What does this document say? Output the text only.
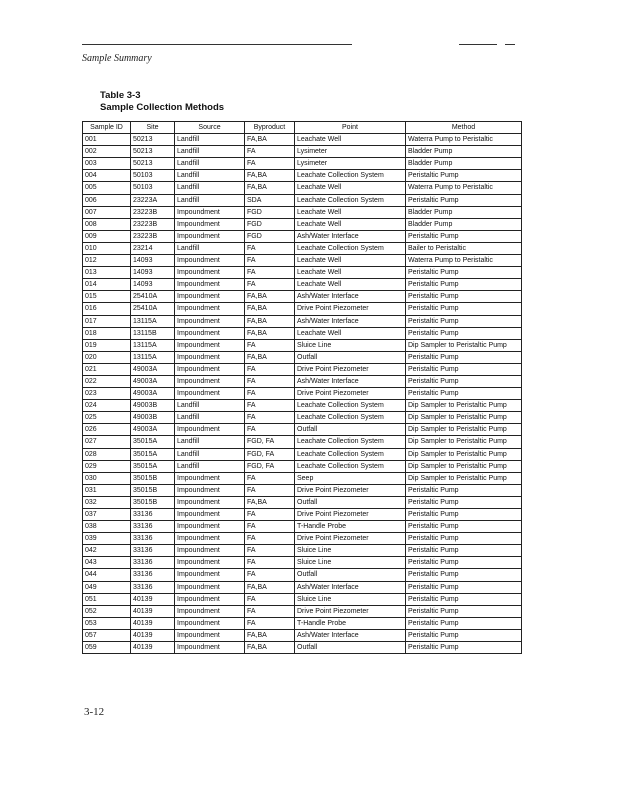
Sample Summary
Table 3-3
Sample Collection Methods
Sample ID	Site	Source	Byproduct	Point	Method
001	50213	Landfill	FA,BA	Leachate Well	Waterra Pump to Peristaltic
002	50213	Landfill	FA	Lysimeter	Bladder Pump
003	50213	Landfill	FA	Lysimeter	Bladder Pump
004	50103	Landfill	FA,BA	Leachate Collection System	Peristaltic Pump
005	50103	Landfill	FA,BA	Leachate Well	Waterra Pump to Peristaltic
006	23223A	Landfill	SDA	Leachate Collection System	Peristaltic Pump
007	23223B	Impoundment	FGD	Leachate Well	Bladder Pump
008	23223B	Impoundment	FGD	Leachate Well	Bladder Pump
009	23223B	Impoundment	FGD	Ash/Water Interface	Peristaltic Pump
010	23214	Landfill	FA	Leachate Collection System	Bailer to Peristaltic
012	14093	Impoundment	FA	Leachate Well	Waterra Pump to Peristaltic
013	14093	Impoundment	FA	Leachate Well	Peristaltic Pump
014	14093	Impoundment	FA	Leachate Well	Peristaltic Pump
015	25410A	Impoundment	FA,BA	Ash/Water Interface	Peristaltic Pump
016	25410A	Impoundment	FA,BA	Drive Point Piezometer	Peristaltic Pump
017	13115A	Impoundment	FA,BA	Ash/Water Interface	Peristaltic Pump
018	13115B	Impoundment	FA,BA	Leachate Well	Peristaltic Pump
019	13115A	Impoundment	FA	Sluice Line	Dip Sampler to Peristaltic Pump
020	13115A	Impoundment	FA,BA	Outfall	Peristaltic Pump
021	49003A	Impoundment	FA	Drive Point Piezometer	Peristaltic Pump
022	49003A	Impoundment	FA	Ash/Water Interface	Peristaltic Pump
023	49003A	Impoundment	FA	Drive Point Piezometer	Peristaltic Pump
024	49003B	Landfill	FA	Leachate Collection System	Dip Sampler to Peristaltic Pump
025	49003B	Landfill	FA	Leachate Collection System	Dip Sampler to Peristaltic Pump
026	49003A	Impoundment	FA	Outfall	Dip Sampler to Peristaltic Pump
027	35015A	Landfill	FGD, FA	Leachate Collection System	Dip Sampler to Peristaltic Pump
028	35015A	Landfill	FGD, FA	Leachate Collection System	Dip Sampler to Peristaltic Pump
029	35015A	Landfill	FGD, FA	Leachate Collection System	Dip Sampler to Peristaltic Pump
030	35015B	Impoundment	FA	Seep	Dip Sampler to Peristaltic Pump
031	35015B	Impoundment	FA	Drive Point Piezometer	Peristaltic Pump
032	35015B	Impoundment	FA,BA	Outfall	Peristaltic Pump
037	33136	Impoundment	FA	Drive Point Piezometer	Peristaltic Pump
038	33136	Impoundment	FA	T-Handle Probe	Peristaltic Pump
039	33136	Impoundment	FA	Drive Point Piezometer	Peristaltic Pump
042	33136	Impoundment	FA	Sluice Line	Peristaltic Pump
043	33136	Impoundment	FA	Sluice Line	Peristaltic Pump
044	33136	Impoundment	FA	Outfall	Peristaltic Pump
049	33136	Impoundment	FA,BA	Ash/Water Interface	Peristaltic Pump
051	40139	Impoundment	FA	Sluice Line	Peristaltic Pump
052	40139	Impoundment	FA	Drive Point Piezometer	Peristaltic Pump
053	40139	Impoundment	FA	T-Handle Probe	Peristaltic Pump
057	40139	Impoundment	FA,BA	Ash/Water Interface	Peristaltic Pump
059	40139	Impoundment	FA,BA	Outfall	Peristaltic Pump
3-12
